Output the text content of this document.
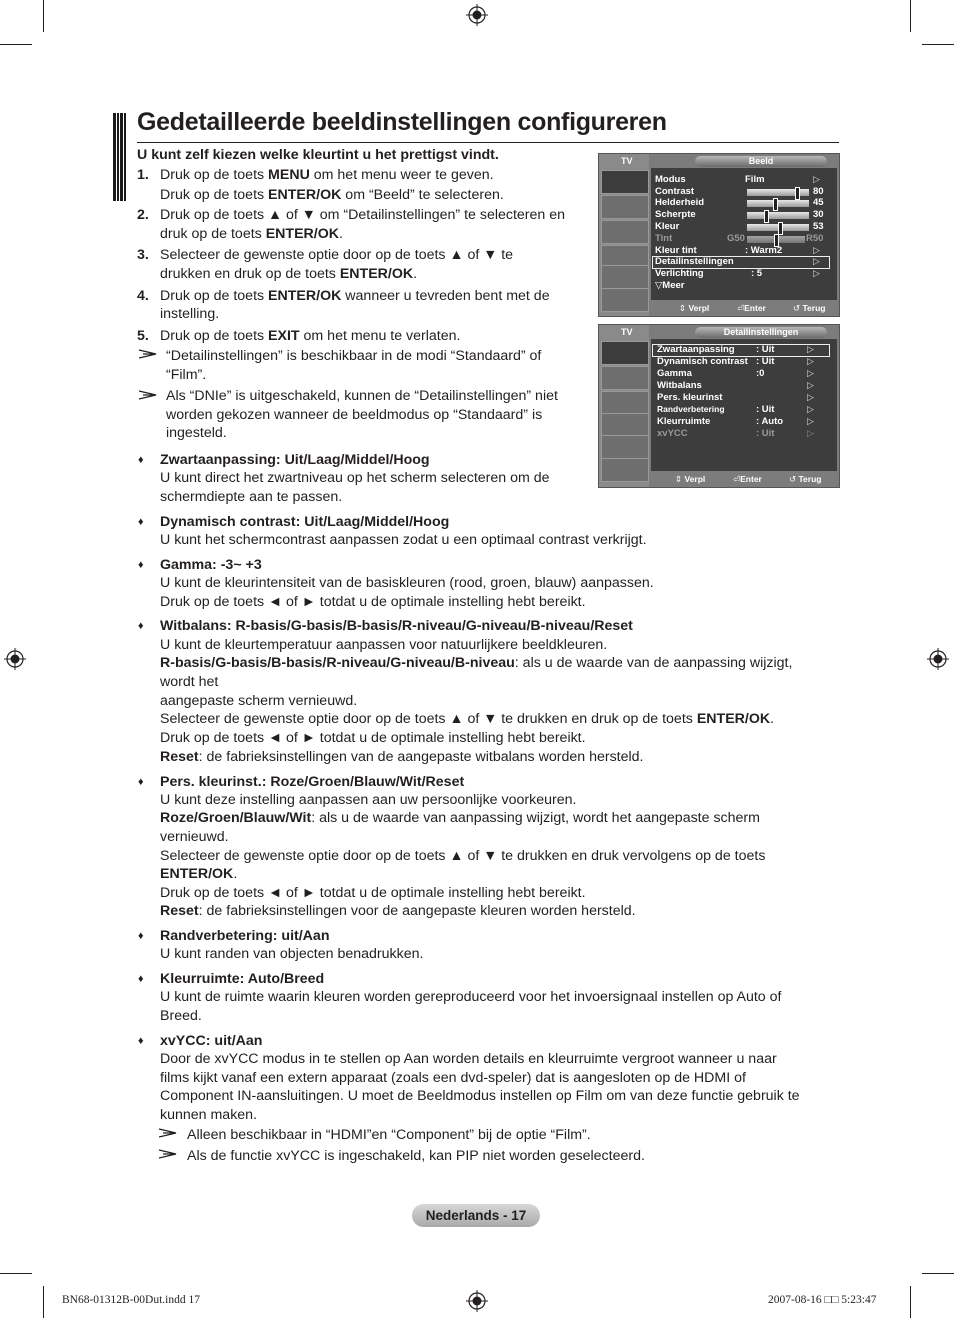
Gedetailleerde beeldinstellingen configureren
U kunt zelf kiezen welke kleurtint u het prettigst vindt.
1. Druk op de toets MENU om het menu weer te geven.
Druk op de toets ENTER/OK om “Beeld” te selecteren.
2. Druk op de toets ▲ of ▼ om “Detailinstellingen” te selecteren en
druk op de toets ENTER/OK.
3. Selecteer de gewenste optie door op de toets ▲ of ▼ te
drukken en druk op de toets ENTER/OK.
4. Druk op de toets ENTER/OK wanneer u tevreden bent met de
instelling.
5. Druk op de toets EXIT om het menu te verlaten.
“Detailinstellingen” is beschikbaar in de modi “Standaard” of
“Film”.
Als “DNIe” is uitgeschakeld, kunnen de “Detailinstellingen” niet
worden gekozen wanneer de beeldmodus op “Standaard” is
ingesteld.
♦ Zwartaanpassing: Uit/Laag/Middel/Hoog
U kunt direct het zwartniveau op het scherm selecteren om de
schermdiepte aan te passen.
♦ Dynamisch contrast: Uit/Laag/Middel/Hoog
U kunt het schermcontrast aanpassen zodat u een optimaal contrast verkrijgt.
♦ Gamma: -3~ +3
U kunt de kleurintensiteit van de basiskleuren (rood, groen, blauw) aanpassen.
Druk op de toets ◄ of ► totdat u de optimale instelling hebt bereikt.
♦ Witbalans: R-basis/G-basis/B-basis/R-niveau/G-niveau/B-niveau/Reset
U kunt de kleurtemperatuur aanpassen voor natuurlijkere beeldkleuren.
R-basis/G-basis/B-basis/R-niveau/G-niveau/B-niveau: als u de waarde van de aanpassing wijzigt,
wordt het
aangepaste scherm vernieuwd.
Selecteer de gewenste optie door op de toets ▲ of ▼ te drukken en druk op de toets ENTER/OK.
Druk op de toets ◄ of ► totdat u de optimale instelling hebt bereikt.
Reset: de fabrieksinstellingen van de aangepaste witbalans worden hersteld.
♦ Pers. kleurinst.: Roze/Groen/Blauw/Wit/Reset
U kunt deze instelling aanpassen aan uw persoonlijke voorkeuren.
Roze/Groen/Blauw/Wit: als u de waarde van aanpassing wijzigt, wordt het aangepaste scherm
vernieuwd.
Selecteer de gewenste optie door op de toets ▲ of ▼ te drukken en druk vervolgens op de toets
ENTER/OK.
Druk op de toets ◄ of ► totdat u de optimale instelling hebt bereikt.
Reset: de fabrieksinstellingen voor de aangepaste kleuren worden hersteld.
♦ Randverbetering: uit/Aan
U kunt randen van objecten benadrukken.
♦ Kleurruimte: Auto/Breed
U kunt de ruimte waarin kleuren worden gereproduceerd voor het invoersignaal instellen op Auto of
Breed.
♦ xvYCC: uit/Aan
Door de xvYCC modus in te stellen op Aan worden details en kleurruimte vergroot wanneer u naar
films kijkt vanaf een extern apparaat (zoals een dvd-speler) dat is aangesloten op de HDMI of
Component IN-aansluitingen. U moet de Beeldmodus instellen op Film om van deze functie gebruik te
kunnen maken.
Alleen beschikbaar in “HDMI”en “Component” bij de optie “Film”.
Als de functie xvYCC is ingeschakeld, kan PIP niet worden geselecteerd.
TV	Beeld
Modus	Film	▷
Contrast	80
Helderheid	45
Scherpte	30
Kleur	53
Tint	G50	R50
Kleur tint	: Warm2	▷
Detailinstellingen	▷
Verlichting	: 5	▷
▽Meer
⇕ Verpl	⏎Enter	↺ Terug
TV	Detailinstellingen
Zwartaanpassing : Uit	▷
Dynamisch contrast : Uit	▷
Gamma	:0	▷
Witbalans	▷
Pers. kleurinst	▷
Randverbetering	: Uit	▷
Kleurruimte	: Auto	▷
xvYCC	: Uit	▷
⇕ Verpl	⏎Enter	↺ Terug
Nederlands - 17
BN68-01312B-00Dut.indd 17	2007-08-16 □□ 5:23:47
